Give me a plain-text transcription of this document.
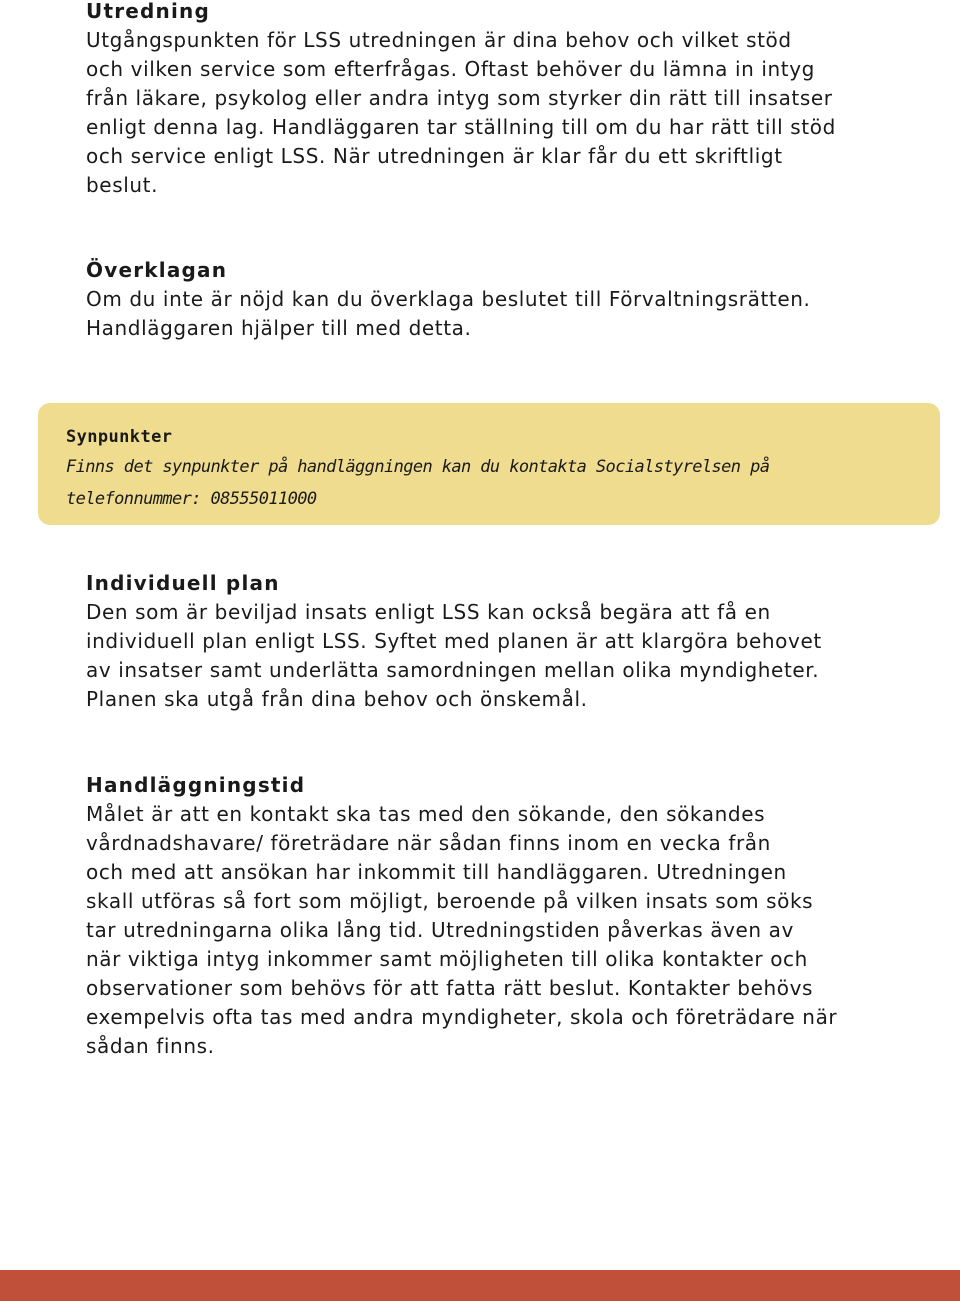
Utredning

Utgångspunkten för LSS utredningen är dina behov och vilket stöd
och vilken service som efterfrågas. Oftast behöver du lämna in intyg
från läkare, psykolog eller andra intyg som styrker din rätt till insatser
enligt denna lag. Handläggaren tar ställning till om du har rätt till stöd
och service enligt LSS. När utredningen är klar får du ett skriftligt
beslut.

Överklagan

Om du inte är nöjd kan du överklaga beslutet till Förvaltningsrätten.
Handläggaren hjälper till med detta.

Synpunkter

Finns det synpunkter på handläggningen kan du kontakta Socialstyrelsen på
telefonnummer: 08555011000

Individuell plan

Den som är beviljad insats enligt LSS kan också begära att få en
individuell plan enligt LSS. Syftet med planen är att klargöra behovet
av insatser samt underlätta samordningen mellan olika myndigheter.
Planen ska utgå från dina behov och önskemål.

Handläggningstid

Målet är att en kontakt ska tas med den sökande, den sökandes
vårdnadshavare/ företrädare när sådan finns inom en vecka från
och med att ansökan har inkommit till handläggaren. Utredningen
skall utföras så fort som möjligt, beroende på vilken insats som söks
tar utredningarna olika lång tid. Utredningstiden påverkas även av
när viktiga intyg inkommer samt möjligheten till olika kontakter och
observationer som behövs för att fatta rätt beslut. Kontakter behövs
exempelvis ofta tas med andra myndigheter, skola och företrädare när
sådan finns.
